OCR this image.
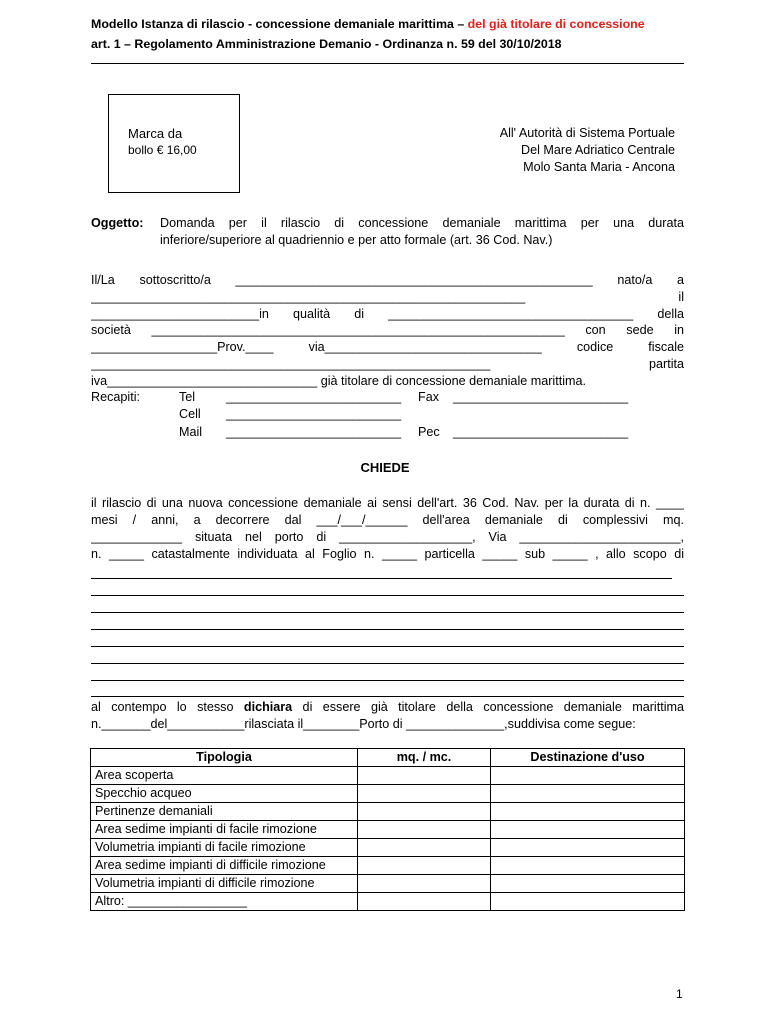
Modello Istanza di rilascio - concessione demaniale marittima – del già titolare di concessione
art. 1 – Regolamento Amministrazione Demanio - Ordinanza n. 59 del 30/10/2018
Marca da
bollo € 16,00
All' Autorità di Sistema Portuale
Del Mare Adriatico Centrale
Molo Santa Maria - Ancona
Oggetto: Domanda per il rilascio di concessione demaniale marittima per una durata
inferiore/superiore al quadriennio e per atto formale (art. 36 Cod. Nav.)
Il/La sottoscritto/a ___________________________________________________ nato/a a
______________________________________________________________ il
________________________in qualità di ___________________________________ della
società ___________________________________________________________ con sede in
__________________Prov.____ via_______________________________ codice fiscale
_________________________________________________________ partita
iva______________________________ già titolare di concessione demaniale marittima.
Recapiti:	Tel _________________________ Fax _________________________
Cell _________________________
Mail _________________________ Pec _________________________
CHIEDE
il rilascio di una nuova concessione demaniale ai sensi dell'art. 36 Cod. Nav. per la durata di n. ____
mesi / anni, a decorrere dal ___/___/______ dell'area demaniale di complessivi mq.
_____________ situata nel porto di ___________________, Via _______________________,
n. _____ catastalmente individuata al Foglio n. _____ particella _____ sub _____ , allo scopo di
al contempo lo stesso dichiara di essere già titolare della concessione demaniale marittima
n._______del___________rilasciata il________Porto di ______________,suddivisa come segue:
Tipologia	mq. / mc.	Destinazione d'uso
Area scoperta		
Specchio acqueo		
Pertinenze demaniali		
Area sedime impianti di facile rimozione		
Volumetria impianti di facile rimozione		
Area sedime impianti di difficile rimozione		
Volumetria impianti di difficile rimozione		
Altro: _________________		
1
